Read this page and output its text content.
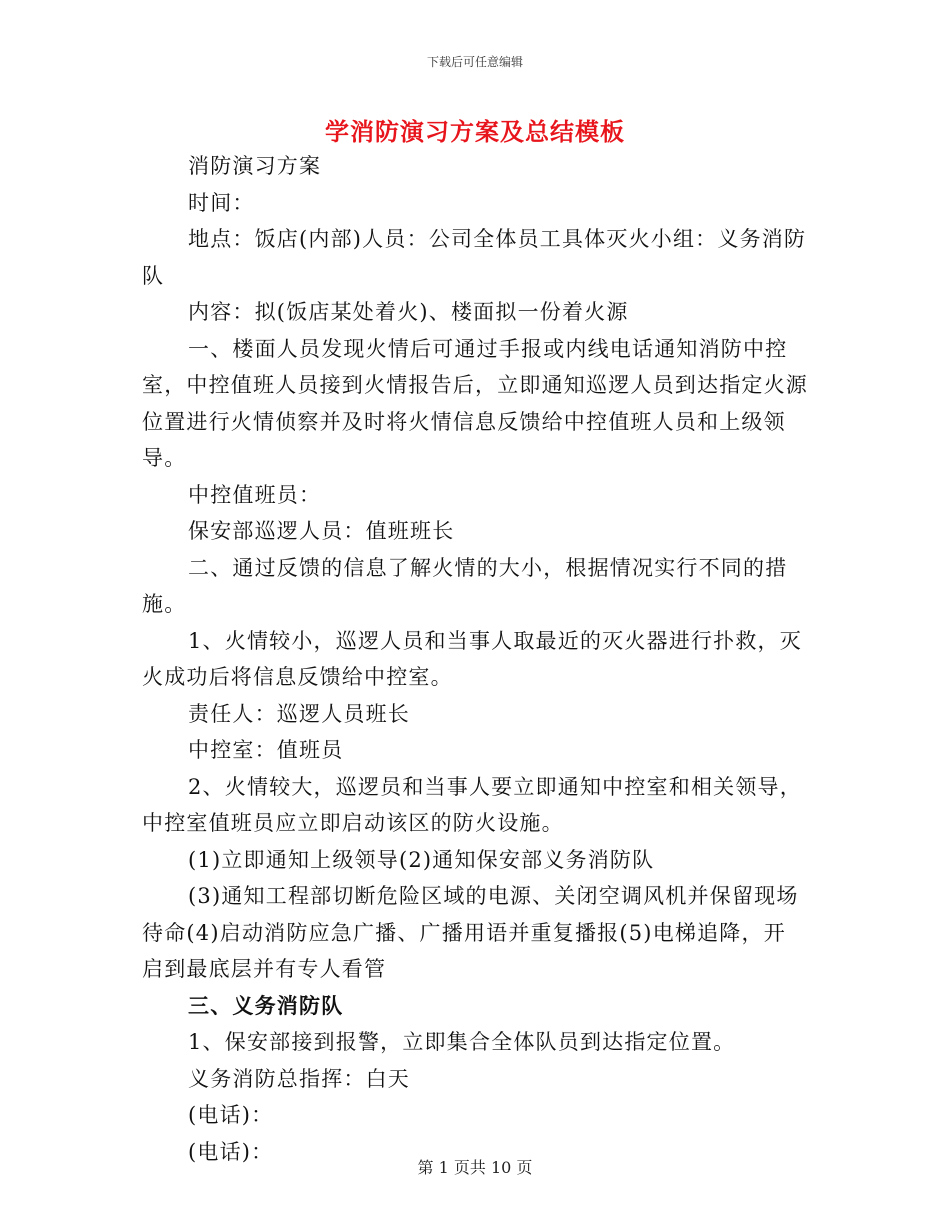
下载后可任意编辑
学消防演习方案及总结模板

消防演习方案

时间：

地点：饭店(内部)人员：公司全体员工具体灭火小组：义务消防队

内容：拟(饭店某处着火)、楼面拟一份着火源

一、楼面人员发现火情后可通过手报或内线电话通知消防中控室，中控值班人员接到火情报告后，立即通知巡逻人员到达指定火源位置进行火情侦察并及时将火情信息反馈给中控值班人员和上级领导。

中控值班员：

保安部巡逻人员：值班班长

二、通过反馈的信息了解火情的大小，根据情况实行不同的措施。

1、火情较小，巡逻人员和当事人取最近的灭火器进行扑救，灭火成功后将信息反馈给中控室。

责任人：巡逻人员班长

中控室：值班员

2、火情较大，巡逻员和当事人要立即通知中控室和相关领导，中控室值班员应立即启动该区的防火设施。

(1)立即通知上级领导(2)通知保安部义务消防队

(3)通知工程部切断危险区域的电源、关闭空调风机并保留现场待命(4)启动消防应急广播、广播用语并重复播报(5)电梯追降，开启到最底层并有专人看管

三、义务消防队

1、保安部接到报警，立即集合全体队员到达指定位置。

义务消防总指挥：白天

(电话)：

(电话)：

第 1 页共 10 页
